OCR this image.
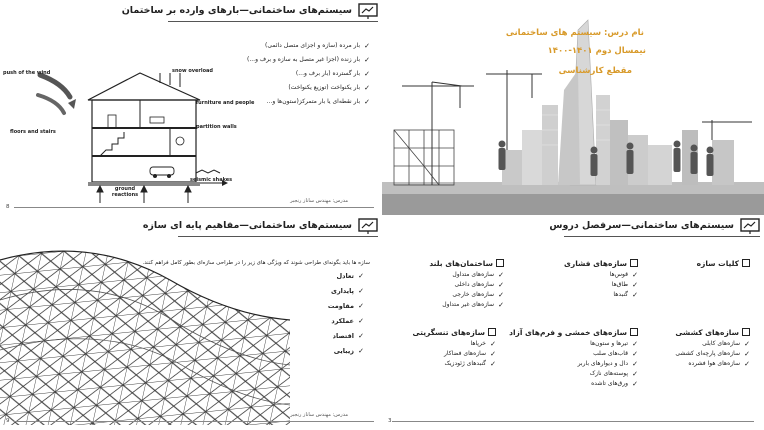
سیستم‌های ساختمانی—بارهای وارده بر ساختمان
push of the wind	snow overload
furniture and people
partition walls
floors and stairs
seismic shakes
ground reactions
✓ بار مرده (سازه و اجزای متصل دائمی)
✓ بار زنده (اجزا غیر متصل به سازه و برف و...)
✓ بار گسترده (بار برف و...)
✓ بار یکنواخت (توزیع یکنواخت)
✓ بار نقطه‌ای یا بار متمرکز(ستون‌ها و...
مدرس: مهندس ساناز رنجبر
8
نام درس: سیستم های ساختمانی
نیمسال دوم ۱۴۰۱-۱۴۰۰
مقطع کارشناسی
سیستم‌های ساختمانی—مفاهیم پایه ای سازه
سازه ها باید بگونه‌ای طراحی شوند که ویژگی های زیر را در طراحی سازه‌ای بطور کامل فراهم کنند.
✓ تعادل
✓ پایداری
✓ مقاومت
✓ عملکرد
✓ اقتصاد
✓ زیبایی
مدرس: مهندس ساناز رنجبر
9
سیستم‌های ساختمانی—سرفصل دروس
کلیات سازه
سازه‌های فشاری
✓ قوس‌ها
✓ طاق‌ها
✓ گنبدها
ساختمان‌های بلند
✓ سازه‌های متداول
✓ سازه‌های داخلی
✓ سازه‌های خارجی
✓ سازه‌های غیر متداول
سازه‌های کششی
✓ سازه‌های کابلی
✓ سازه‌های پارچه‌ای کششی
✓ سازه‌های هوا فشرده
سازه‌های خمشی و فرم‌های آزاد
✓ تیرها و ستون‌ها
✓ قاب‌های صلب
✓ دال و دیوارهای باربر
✓ پوسته‌های نازک
✓ ورق‌های تاشده
سازه‌های تنسگریتی
✓ خرپاها
✓ سازه‌های فضاکار
✓ گنبدهای ژئودزیک
3
